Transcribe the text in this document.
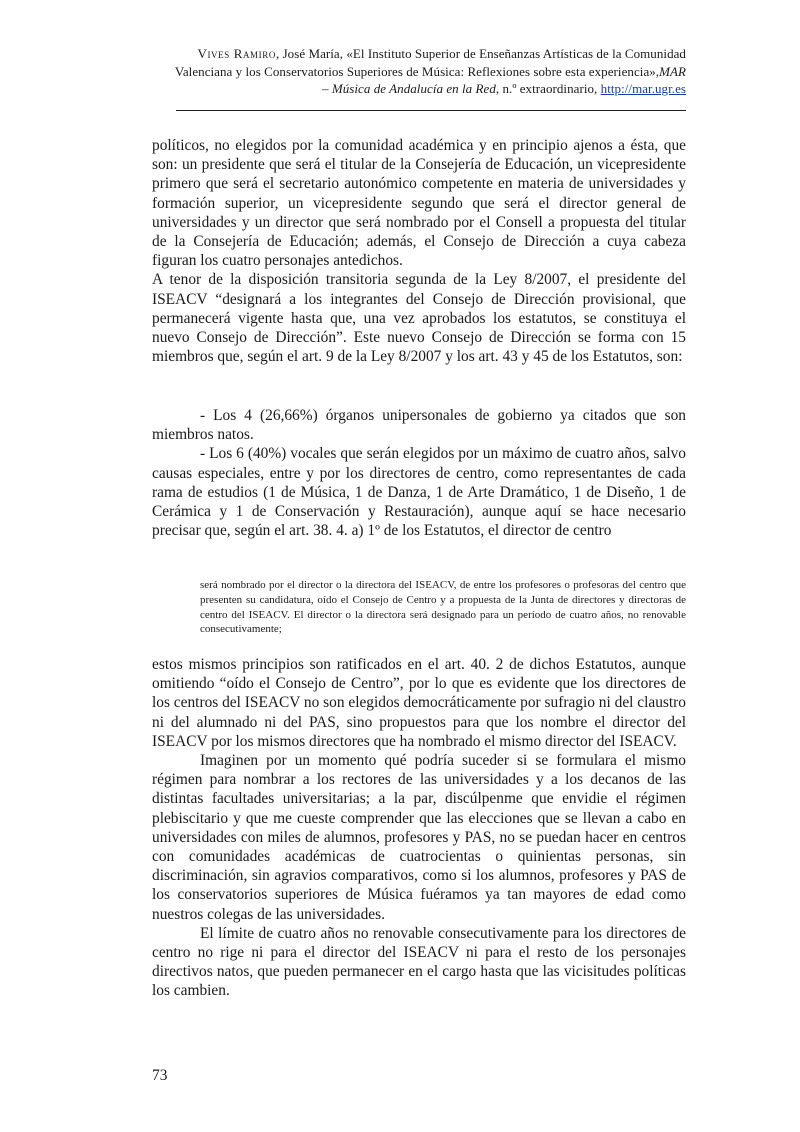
Vives Ramiro, José María, «El Instituto Superior de Enseñanzas Artísticas de la Comunidad
Valenciana y los Conservatorios Superiores de Música: Reflexiones sobre esta experiencia»,MAR
– Música de Andalucía en la Red, n.º extraordinario, http://mar.ugr.es

políticos, no elegidos por la comunidad académica y en principio ajenos a ésta, que son: un presidente que será el titular de la Consejería de Educación, un vicepresidente primero que será el secretario autonómico competente en materia de universidades y formación superior, un vicepresidente segundo que será el director general de universidades y un director que será nombrado por el Consell a propuesta del titular de la Consejería de Educación; además, el Consejo de Dirección a cuya cabeza figuran los cuatro personajes antedichos.

A tenor de la disposición transitoria segunda de la Ley 8/2007, el presidente del ISEACV “designará a los integrantes del Consejo de Dirección provisional, que permanecerá vigente hasta que, una vez aprobados los estatutos, se constituya el nuevo Consejo de Dirección”. Este nuevo Consejo de Dirección se forma con 15 miembros que, según el art. 9 de la Ley 8/2007 y los art. 43 y 45 de los Estatutos, son:

- Los 4 (26,66%) órganos unipersonales de gobierno ya citados que son miembros natos.

- Los 6 (40%) vocales que serán elegidos por un máximo de cuatro años, salvo causas especiales, entre y por los directores de centro, como representantes de cada rama de estudios (1 de Música, 1 de Danza, 1 de Arte Dramático, 1 de Diseño, 1 de Cerámica y 1 de Conservación y Restauración), aunque aquí se hace necesario precisar que, según el art. 38. 4. a) 1º de los Estatutos, el director de centro

será nombrado por el director o la directora del ISEACV, de entre los profesores o profesoras del centro que presenten su candidatura, oído el Consejo de Centro y a propuesta de la Junta de directores y directoras de centro del ISEACV. El director o la directora será designado para un período de cuatro años, no renovable consecutivamente;

estos mismos principios son ratificados en el art. 40. 2 de dichos Estatutos, aunque omitiendo “oído el Consejo de Centro”, por lo que es evidente que los directores de los centros del ISEACV no son elegidos democráticamente por sufragio ni del claustro ni del alumnado ni del PAS, sino propuestos para que los nombre el director del ISEACV por los mismos directores que ha nombrado el mismo director del ISEACV.

Imaginen por un momento qué podría suceder si se formulara el mismo régimen para nombrar a los rectores de las universidades y a los decanos de las distintas facultades universitarias; a la par, discúlpenme que envidie el régimen plebiscitario y que me cueste comprender que las elecciones que se llevan a cabo en universidades con miles de alumnos, profesores y PAS, no se puedan hacer en centros con comunidades académicas de cuatrocientas o quinientas personas, sin discriminación, sin agravios comparativos, como si los alumnos, profesores y PAS de los conservatorios superiores de Música fuéramos ya tan mayores de edad como nuestros colegas de las universidades.

El límite de cuatro años no renovable consecutivamente para los directores de centro no rige ni para el director del ISEACV ni para el resto de los personajes directivos natos, que pueden permanecer en el cargo hasta que las vicisitudes políticas los cambien.

73
